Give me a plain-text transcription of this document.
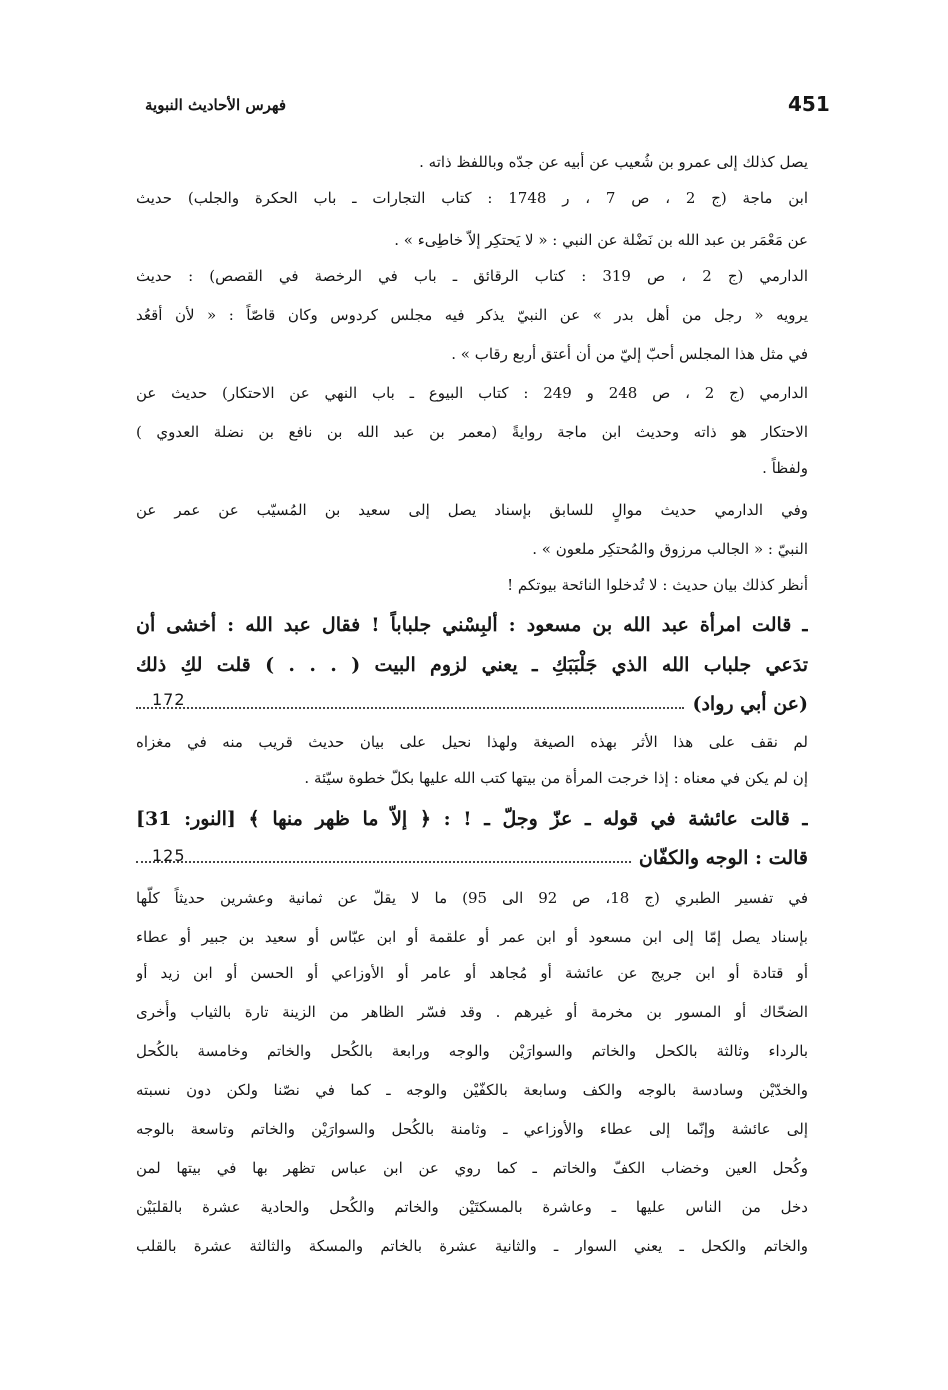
فهرس الأحاديث النبوية	451
يصل كذلك إلى عمرو بن شُعيب عن أبيه عن جدّه وباللفظ ذاته .
ابن ماجة (ج 2 ، ص 7 ، ر 1748 : كتاب التجارات ـ باب الحكرة والجلب) حديث
عن مَعْمَر بن عبد الله بن نَضْلة عن النبي : « لا يَحتكِر إلاّ خاطِىء » .
الدارمي (ج 2 ، ص 319 : كتاب الرقائق ـ باب في الرخصة في القصص) : حديث
يرويه « رجل من أهل بدر » عن النبيّ يذكر فيه مجلس كردوس وكان قاصّاً : « لأن أقعُد
في مثل هذا المجلس أحبّ إليّ من أن أعتق أربع رقاب » .
الدارمي (ج 2 ، ص 248 و 249 : كتاب البيوع ـ باب النهي عن الاحتكار) حديث عن
الاحتكار هو ذاته وحديث ابن ماجة روايةً (معمر بن عبد الله بن نافع بن نضلة العدوي )
ولفظاً .
وفي الدارمي حديث موالٍ للسابق بإسناد يصل إلى سعيد بن المُسيّب عن عمر عن
النبيّ : « الجالب مرزوق والمُحتكِر ملعون » .
أنظر كذلك بيان حديث : لا تُدخلوا النائحة بيوتكم !
ـ قالت امرأة عبد الله بن مسعود : ألبِسْني جلباباً ! فقال عبد الله : أخشى أن
تدَعي جلباب الله الذي جَلْبَبَكِ ـ يعني لزوم البيت ( . . . ) قلت لكِ ذلك
(عن أبي رواد)
172
لم نقف على هذا الأثر بهذه الصيغة ولهذا نحيل على بيان حديث قريب منه في مغزاه
إن لم يكن في معناه : إذا خرجت المرأة من بيتها كتب الله عليها بكلّ خطوة سيّئة .
ـ قالت عائشة في قوله ـ عزّ وجلّ ـ ! : ﴿ إلاّ ما ظهر منها ﴾ [النور: 31]
قالت : الوجه والكفّان
125
في تفسير الطبري (ج 18، ص 92 الى 95) ما لا يقلّ عن ثمانية وعشرين حديثاً كلّها
بإسناد يصل إمّا إلى ابن مسعود أو ابن عمر أو علقمة أو ابن عبّاس أو سعيد بن جبير أو عطاء
أو قتادة أو ابن جريج عن عائشة أو مُجاهد أو عامر أو الأوزاعي أو الحسن أو ابن زيد أو
الضحّاك أو المسور بن مخرمة أو غيرهم . وقد فسّر الظاهر من الزينة تارة بالثياب وأُخرى
بالرداء وثالثة بالكحل والخاتم والسوارَيْن والوجه ورابعة بالكُحل والخاتم وخامسة بالكُحل
والخدّيْن وسادسة بالوجه والكف وسابعة بالكفّيْن والوجه ـ كما في نصّنا ولكن دون نسبته
إلى عائشة وإنّما إلى عطاء والأوزاعي ـ وثامنة بالكُحل والسوارَيْن والخاتم وتاسعة بالوجه
وكُحل العين وخضاب الكفّ والخاتم ـ كما روي عن ابن عباس تظهر بها في بيتها لمن
دخل من الناس عليها ـ وعاشرة بالمسكتَيْن والخاتم والكُحل والحادية عشرة بالقلبَيْن
والخاتم والكحل ـ يعني السوار ـ والثانية عشرة بالخاتم والمسكة والثالثة عشرة بالقلب
